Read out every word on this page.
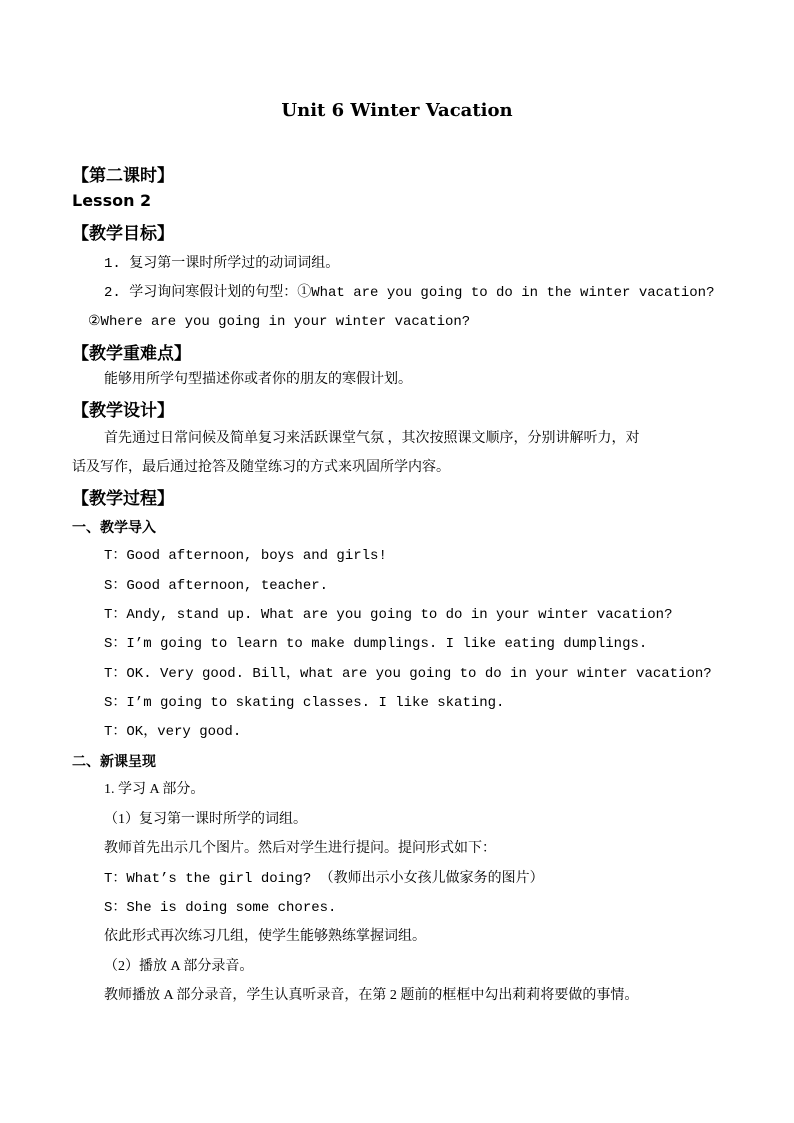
Unit 6 Winter Vacation
【第二课时】
Lesson 2
【教学目标】
1. 复习第一课时所学过的动词词组。
2. 学习询问寒假计划的句型：①What are you going to do in the winter vacation?
②Where are you going in your winter vacation?
【教学重难点】
能够用所学句型描述你或者你的朋友的寒假计划。
【教学设计】
首先通过日常问候及简单复习来活跃课堂气氛 ，其次按照课文顺序，分别讲解听力，对
话及写作，最后通过抢答及随堂练习的方式来巩固所学内容。
【教学过程】
一、教学导入
T：Good afternoon, boys and girls!
S：Good afternoon, teacher.
T：Andy, stand up. What are you going to do in your winter vacation?
S：I’m going to learn to make dumplings. I like eating dumplings.
T：OK. Very good. Bill，what are you going to do in your winter vacation?
S：I’m going to skating classes. I like skating.
T：OK，very good.
二、新课呈现
1. 学习 A 部分。
（1）复习第一课时所学的词组。
教师首先出示几个图片。然后对学生进行提问。提问形式如下：
T：What’s the girl doing? （教师出示小女孩儿做家务的图片）
S：She is doing some chores.
依此形式再次练习几组，使学生能够熟练掌握词组。
（2）播放 A 部分录音。
教师播放 A 部分录音，学生认真听录音，在第 2 题前的框框中勾出莉莉将要做的事情。
